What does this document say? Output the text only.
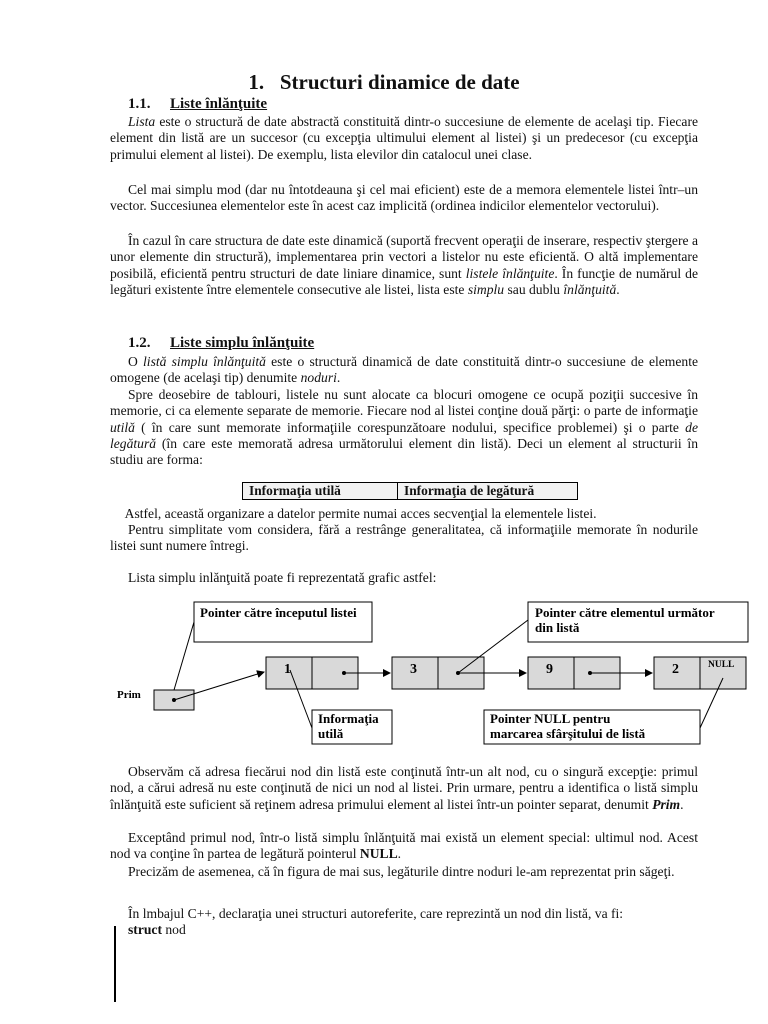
1. Structuri dinamice de date
1.1. Liste înlănţuite
Lista este o structură de date abstractă constituită dintr-o succesiune de elemente de acelaşi tip. Fiecare element din listă are un succesor (cu excepţia ultimului element al listei) şi un predecesor (cu excepţia primului element al listei). De exemplu, lista elevilor din catalocul unei clase.
Cel mai simplu mod (dar nu întotdeauna şi cel mai eficient) este de a memora elementele listei într–un vector. Succesiunea elementelor este în acest caz implicită (ordinea indicilor elementelor vectorului).
În cazul în care structura de date este dinamică (suportă frecvent operaţii de inserare, respectiv ştergere a unor elemente din structură), implementarea prin vectori a listelor nu este eficientă. O altă implementare posibilă, eficientă pentru structuri de date liniare dinamice, sunt listele înlănţuite. În funcţie de numărul de legături existente între elementele consecutive ale listei, lista este simplu sau dublu înlănţuită.
1.2. Liste simplu înlănţuite
O listă simplu înlănţuită este o structură dinamică de date constituită dintr-o succesiune de elemente omogene (de acelaşi tip) denumite noduri.
Spre deosebire de tablouri, listele nu sunt alocate ca blocuri omogene ce ocupă poziţii succesive în memorie, ci ca elemente separate de memorie. Fiecare nod al listei conţine două părţi: o parte de informaţie utilă ( în care sunt memorate informaţiile corespunzătoare nodului, specifice problemei) şi o parte de legătură (în care este memorată adresa următorului element din listă). Deci un element al structurii în studiu are forma:
Informaţia utilă	Informaţia de legătură
Astfel, această organizare a datelor permite numai acces secvenţial la elementele listei.
Pentru simplitate vom considera, fără a restrânge generalitatea, că informaţiile memorate în nodurile listei sunt numere întregi.
Lista simplu inlănţuită poate fi reprezentată grafic astfel:
Pointer către începutul listei	Pointer către elementul următor
din listă
Prim
1	3	9	2	NULL
Informaţia
utilă
Pointer NULL pentru
marcarea sfârşitului de listă
Observăm că adresa fiecărui nod din listă este conţinută într-un alt nod, cu o singură excepţie: primul nod, a cărui adresă nu este conţinută de nici un nod al listei. Prin urmare, pentru a identifica o listă simplu înlănţuită este suficient să reţinem adresa primului element al listei într-un pointer separat, denumit Prim.
Exceptând primul nod, într-o listă simplu înlănţuită mai există un element special: ultimul nod. Acest nod va conţine în partea de legătură pointerul NULL.
Precizăm de asemenea, că în figura de mai sus, legăturile dintre noduri le-am reprezentat prin săgeţi.
În lmbajul C++, declaraţia unei structuri autoreferite, care reprezintă un nod din listă, va fi:
struct nod
